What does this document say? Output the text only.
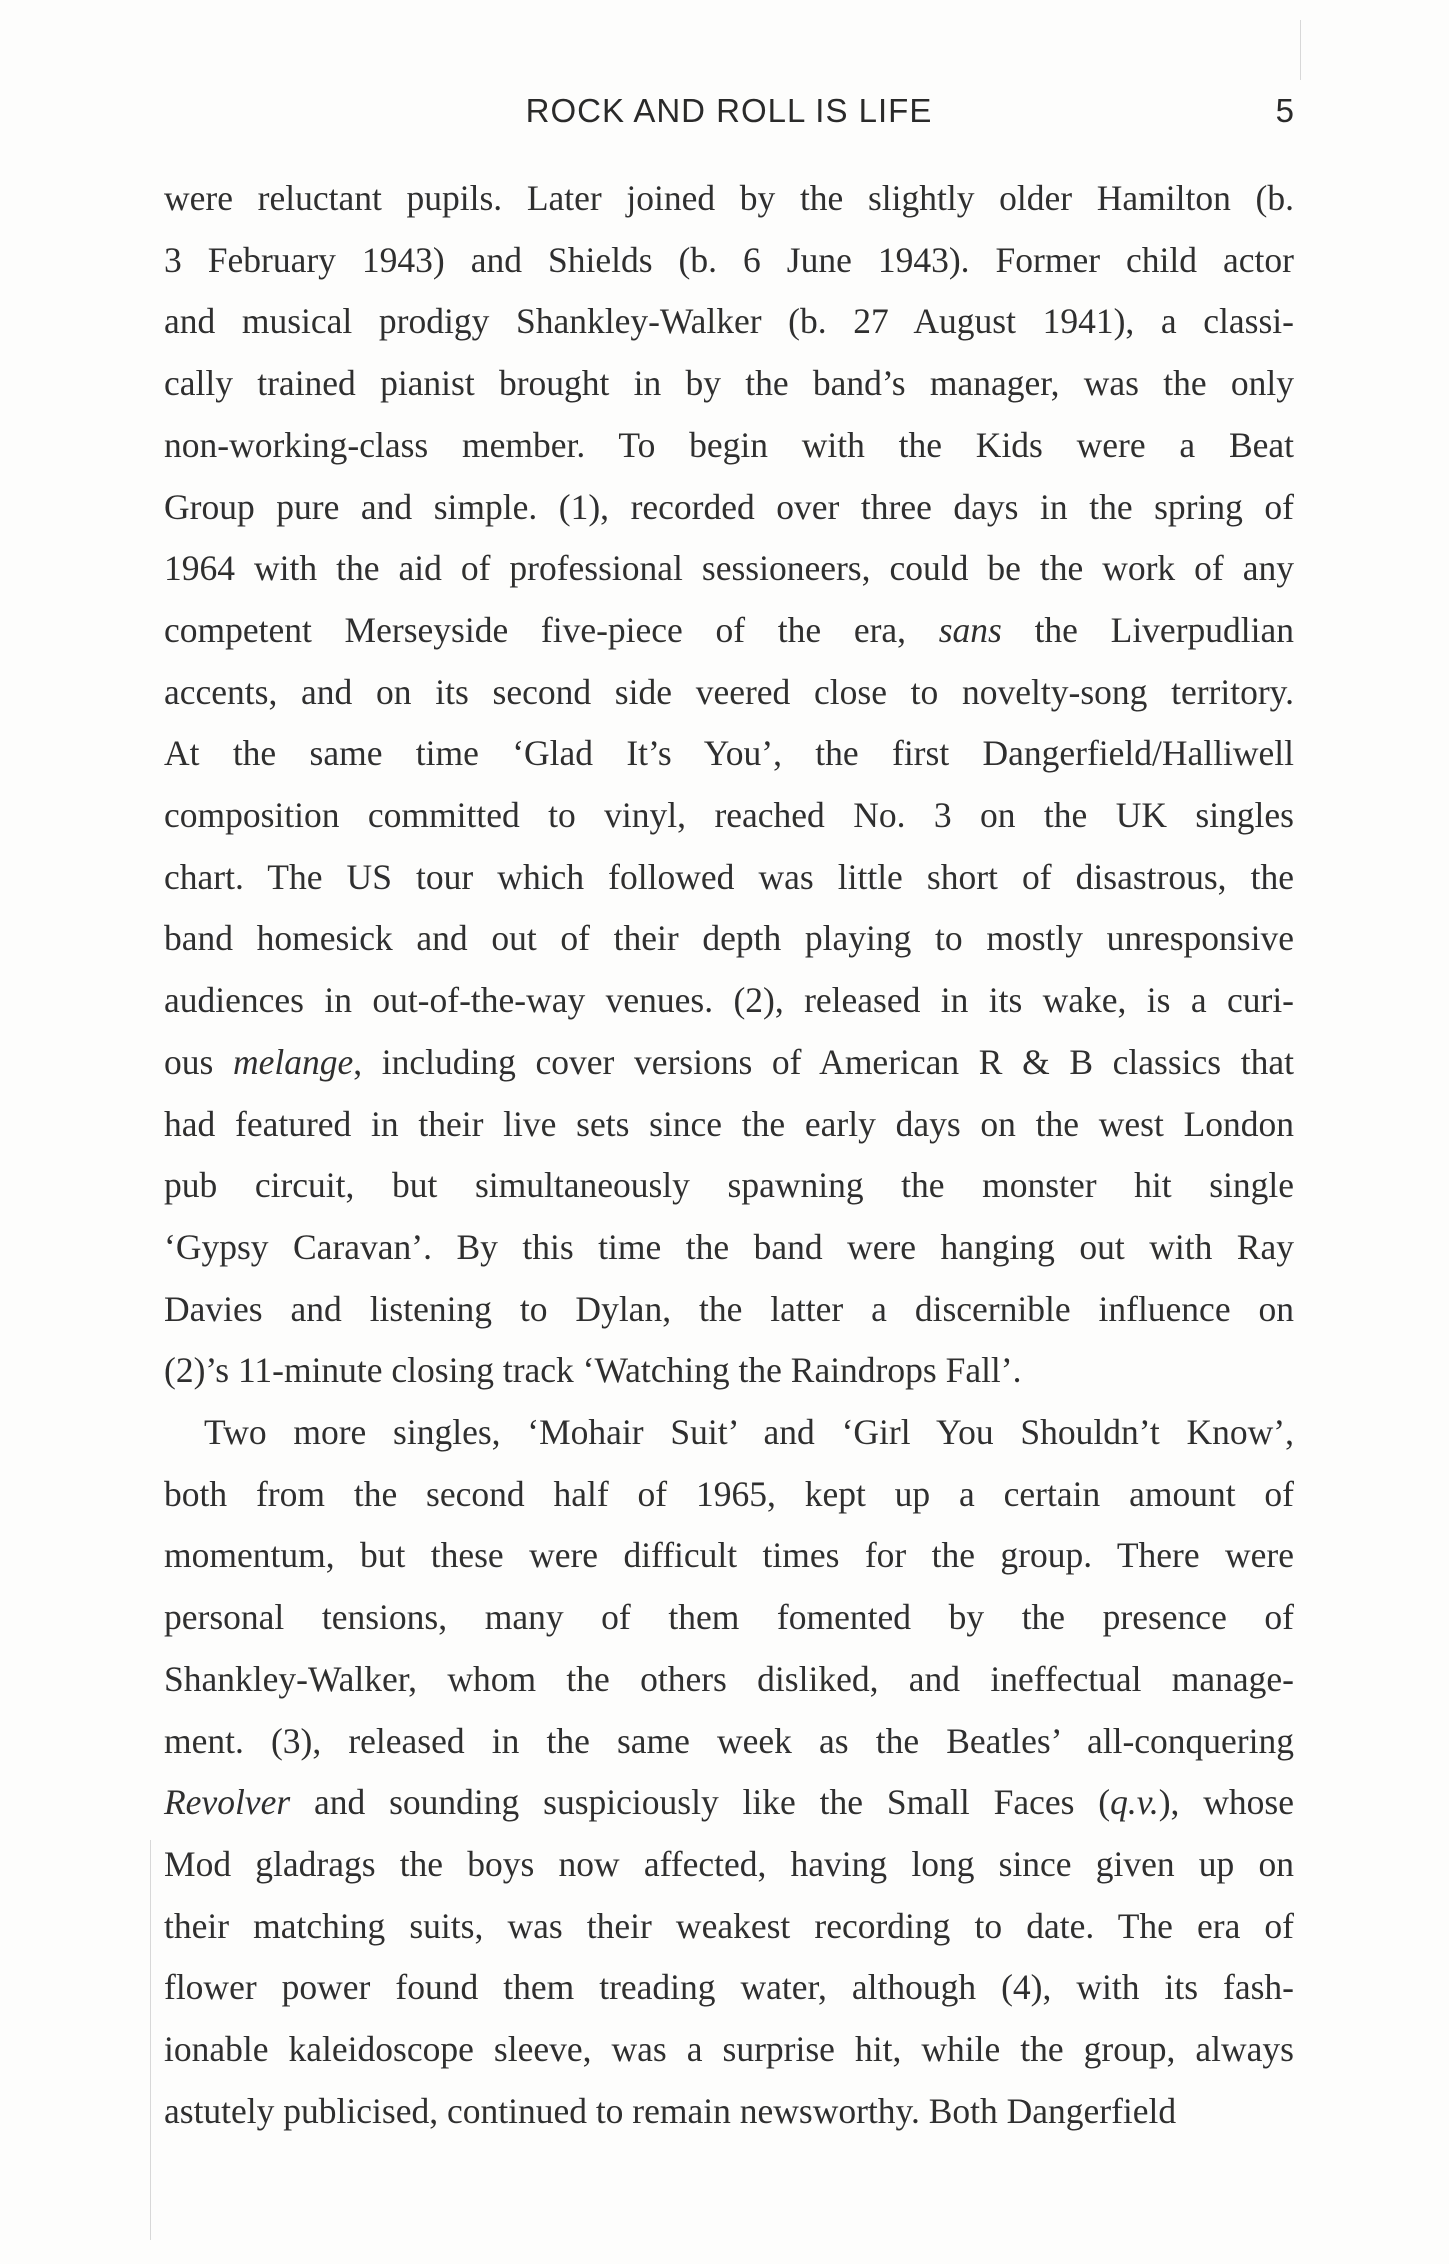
ROCK AND ROLL IS LIFE	5

were reluctant pupils. Later joined by the slightly older Hamilton (b.
3 February 1943) and Shields (b. 6 June 1943). Former child actor
and musical prodigy Shankley-Walker (b. 27 August 1941), a classi-
cally trained pianist brought in by the band’s manager, was the only
non-working-class member. To begin with the Kids were a Beat
Group pure and simple. (1), recorded over three days in the spring of
1964 with the aid of professional sessioneers, could be the work of any
competent Merseyside five-piece of the era, sans the Liverpudlian
accents, and on its second side veered close to novelty-song territory.
At the same time ‘Glad It’s You’, the first Dangerfield/Halliwell
composition committed to vinyl, reached No. 3 on the UK singles
chart. The US tour which followed was little short of disastrous, the
band homesick and out of their depth playing to mostly unresponsive
audiences in out-of-the-way venues. (2), released in its wake, is a curi-
ous melange, including cover versions of American R & B classics that
had featured in their live sets since the early days on the west London
pub circuit, but simultaneously spawning the monster hit single
‘Gypsy Caravan’. By this time the band were hanging out with Ray
Davies and listening to Dylan, the latter a discernible influence on
(2)’s 11-minute closing track ‘Watching the Raindrops Fall’.

Two more singles, ‘Mohair Suit’ and ‘Girl You Shouldn’t Know’,
both from the second half of 1965, kept up a certain amount of
momentum, but these were difficult times for the group. There were
personal tensions, many of them fomented by the presence of
Shankley-Walker, whom the others disliked, and ineffectual manage-
ment. (3), released in the same week as the Beatles’ all-conquering
Revolver and sounding suspiciously like the Small Faces (q.v.), whose
Mod gladrags the boys now affected, having long since given up on
their matching suits, was their weakest recording to date. The era of
flower power found them treading water, although (4), with its fash-
ionable kaleidoscope sleeve, was a surprise hit, while the group, always
astutely publicised, continued to remain newsworthy. Both Dangerfield
